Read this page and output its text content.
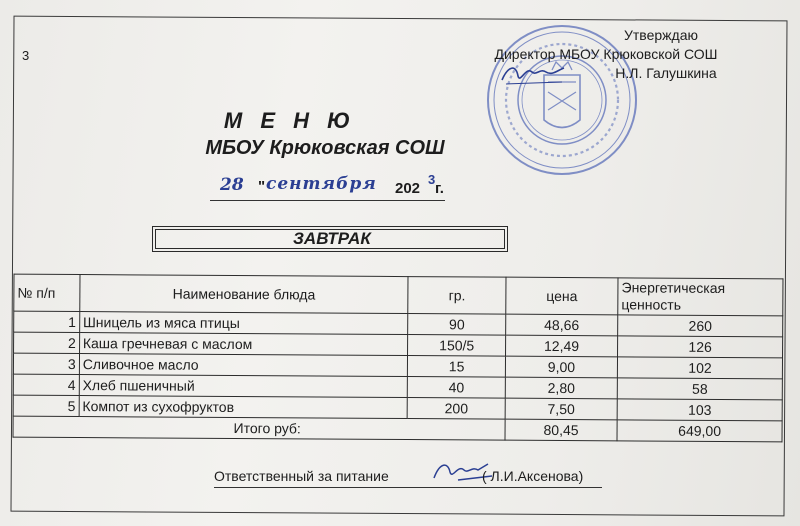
3
Утверждаю
Директор МБОУ Крюковской СОШ
Н.Л. Галушкина
М Е Н Ю
МБОУ Крюковская СОШ
28 " сентября 202
3
г.
ЗАВТРАК
№ п/п	Наименование блюда	гр.	цена	Энергетическая ценность
1	Шницель из мяса птицы	90	48,66	260
2	Каша гречневая с маслом	150/5	12,49	126
3	Сливочное масло	15	9,00	102
4	Хлеб пшеничный	40	2,80	58
5	Компот из сухофруктов	200	7,50	103
Итого руб:			80,45	649,00
Ответственный за питание	( Л.И.Аксенова)
